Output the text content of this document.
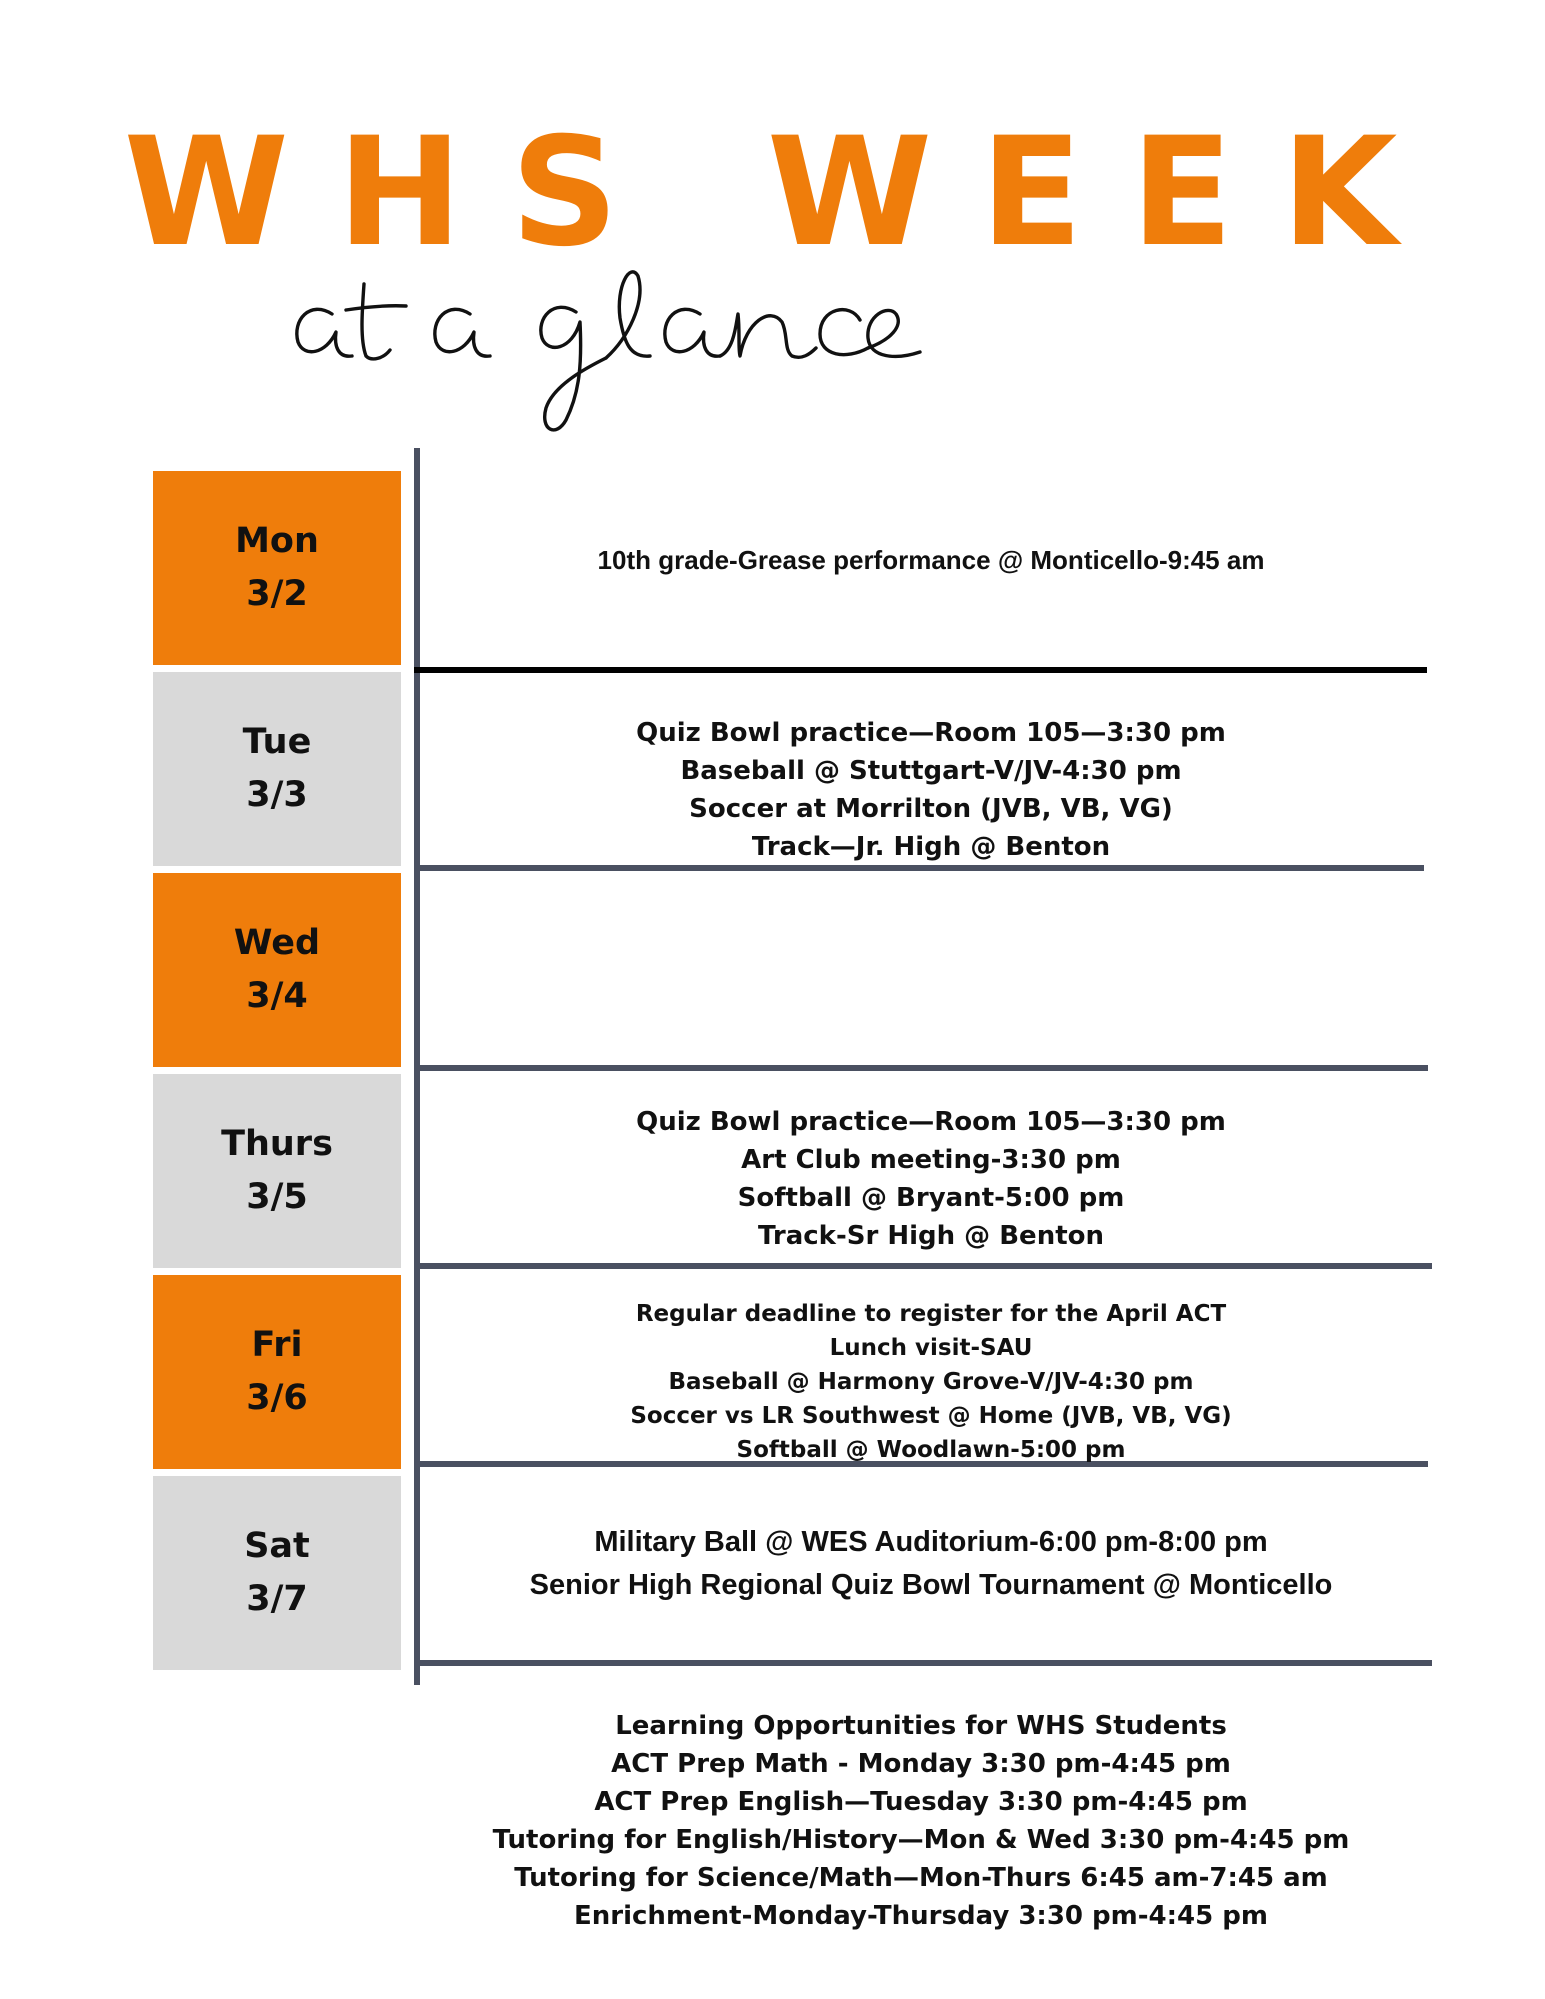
WHS WEEK
Mon
3/2
Tue
3/3
Wed
3/4
Thurs
3/5
Fri
3/6
Sat
3/7
10th grade-Grease performance @ Monticello-9:45 am
Quiz Bowl practice—Room 105—3:30 pm
Baseball @ Stuttgart-V/JV-4:30 pm
Soccer at Morrilton (JVB, VB, VG)
Track—Jr. High @ Benton
Quiz Bowl practice—Room 105—3:30 pm
Art Club meeting-3:30 pm
Softball @ Bryant-5:00 pm
Track-Sr High @ Benton
Regular deadline to register for the April ACT
Lunch visit-SAU
Baseball @ Harmony Grove-V/JV-4:30 pm
Soccer vs LR Southwest @ Home (JVB, VB, VG)
Softball @ Woodlawn-5:00 pm
Military Ball @ WES Auditorium-6:00 pm-8:00 pm
Senior High Regional Quiz Bowl Tournament @ Monticello
Learning Opportunities for WHS Students
ACT Prep Math - Monday 3:30 pm-4:45 pm
ACT Prep English—Tuesday 3:30 pm-4:45 pm
Tutoring for English/History—Mon & Wed 3:30 pm-4:45 pm
Tutoring for Science/Math—Mon-Thurs 6:45 am-7:45 am
Enrichment-Monday-Thursday 3:30 pm-4:45 pm
